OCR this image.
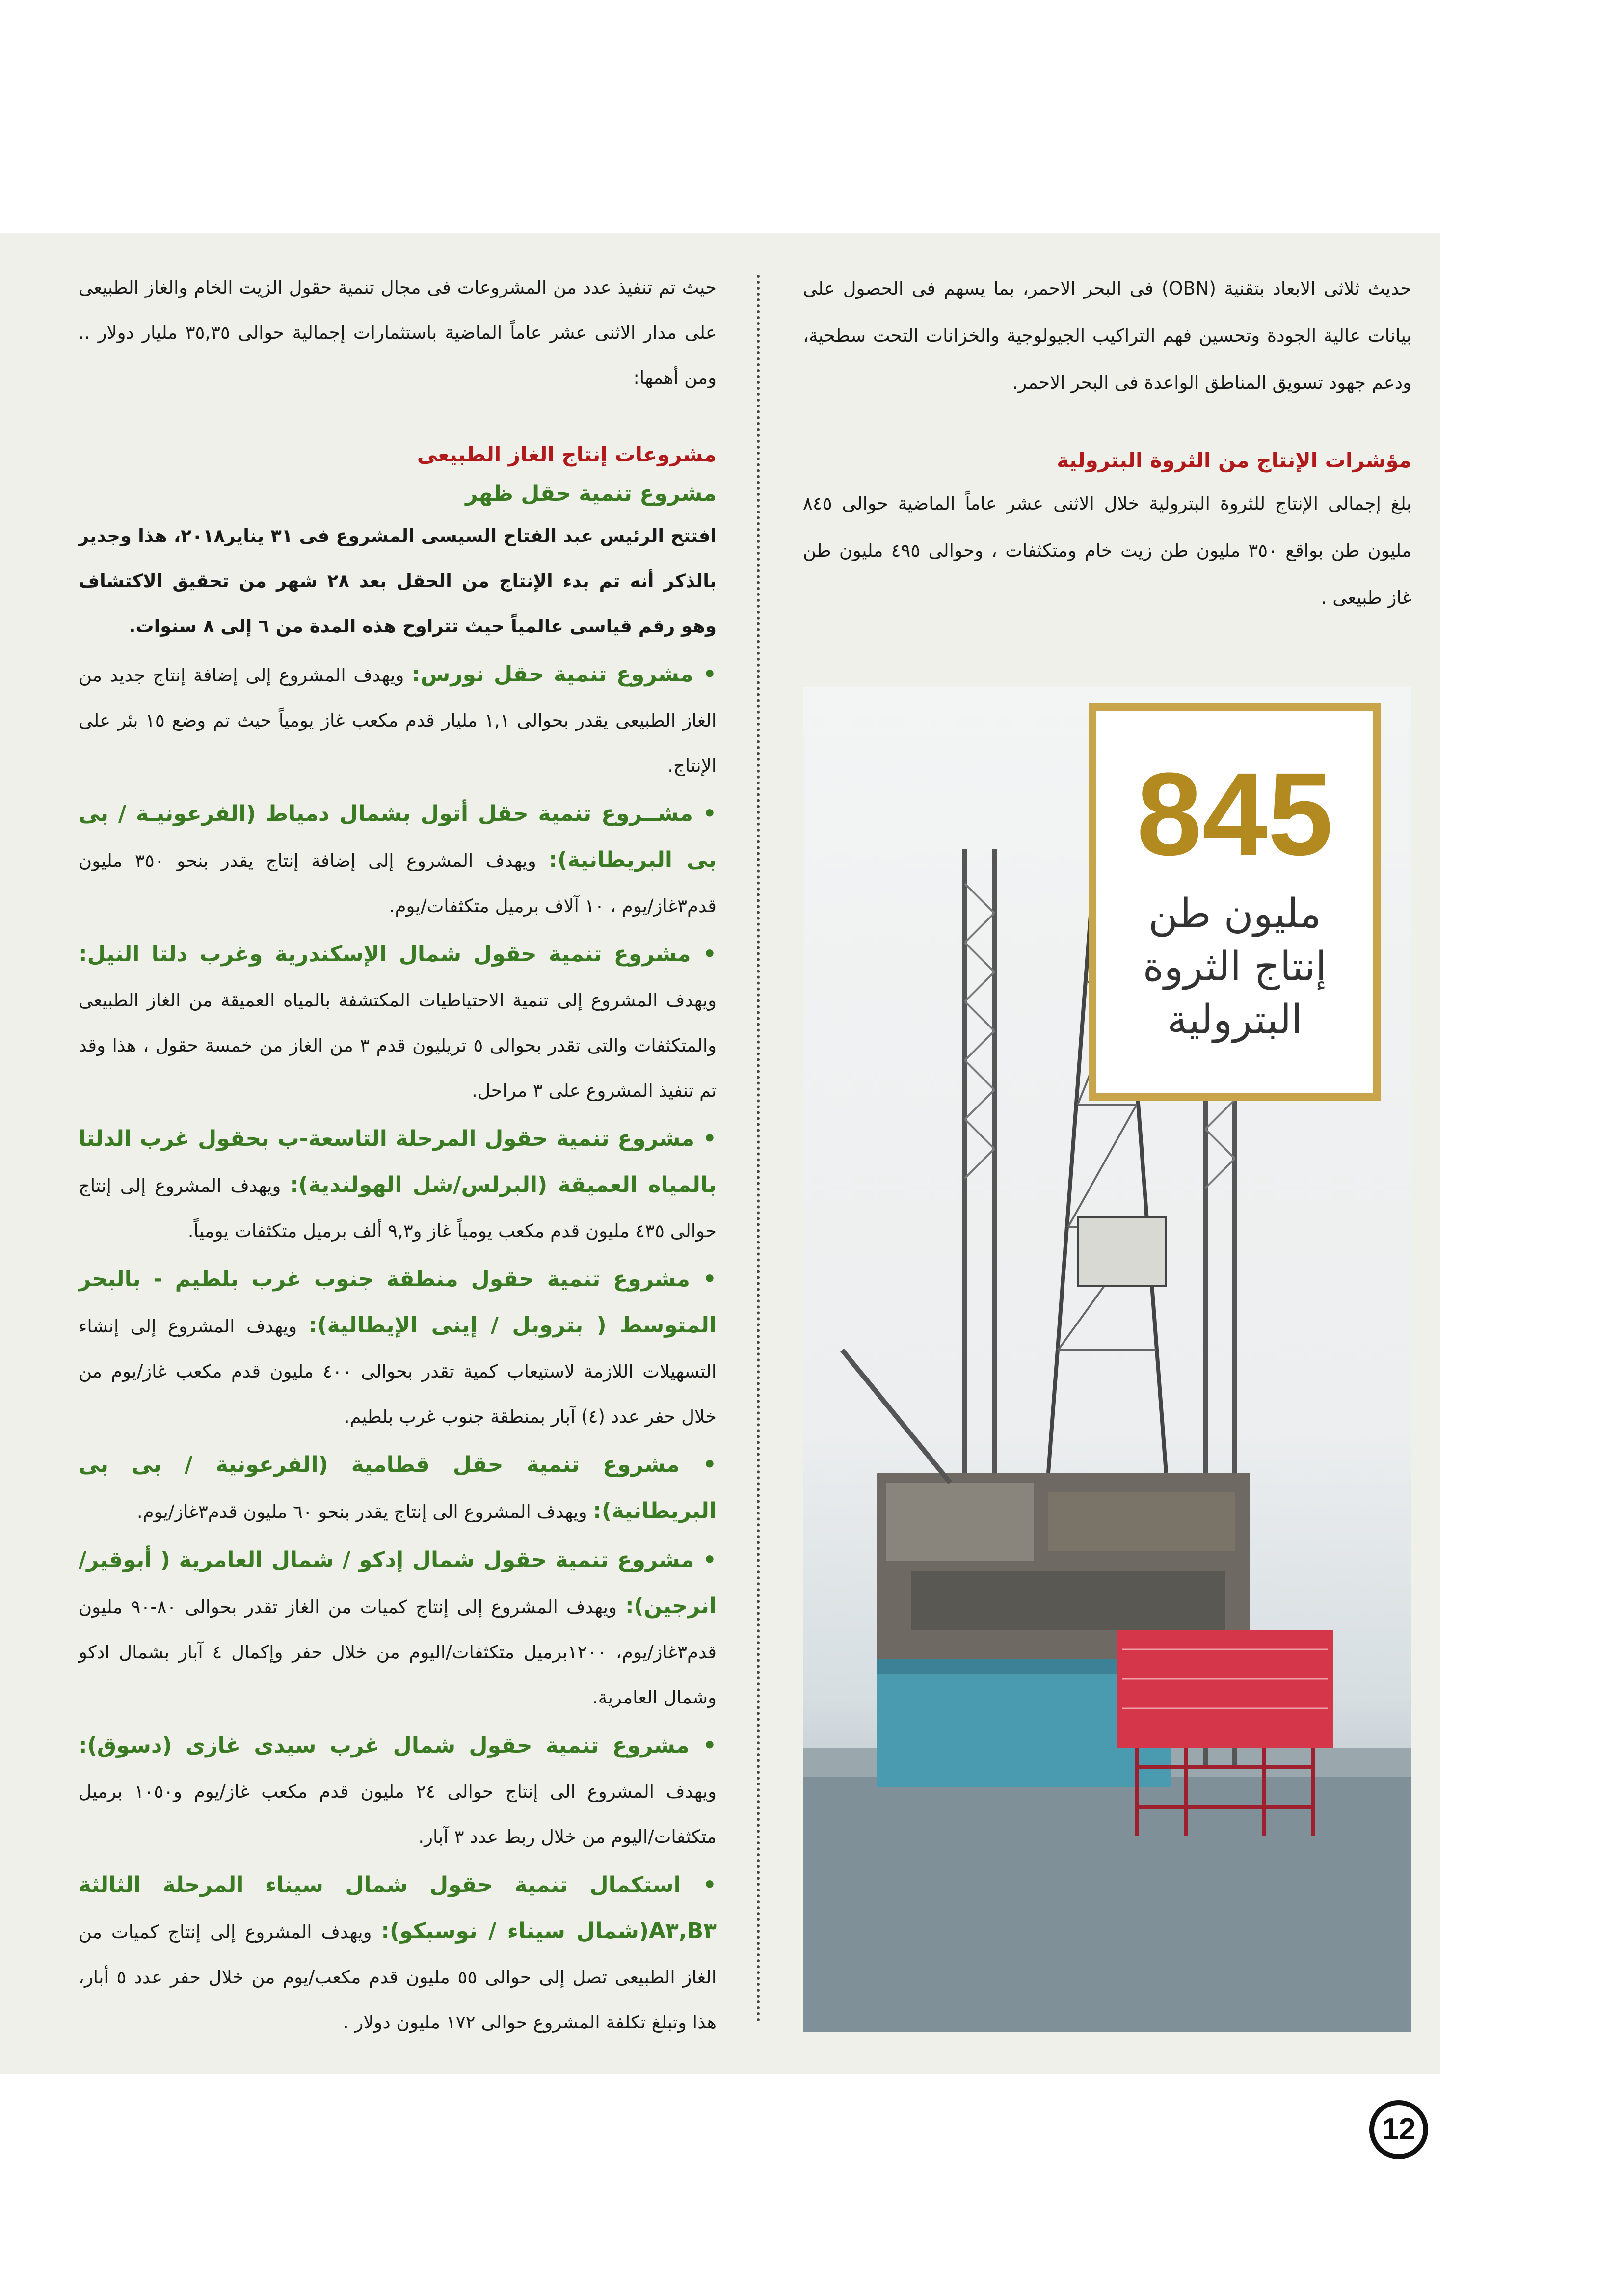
845
مليون طن
إنتاج الثروة
البترولية

حديث ثلاثى الابعاد بتقنية (OBN) فى البحر الاحمر، بما يسهم فى الحصول على بيانات عالية الجودة وتحسين فهم التراكيب الجيولوجية والخزانات التحت سطحية، ودعم جهود تسويق المناطق الواعدة فى البحر الاحمر.

مؤشرات الإنتاج من الثروة البترولية

بلغ إجمالى الإنتاج للثروة البترولية خلال الاثنى عشر عاماً الماضية حوالى ٨٤٥ مليون طن بواقع ٣٥٠ مليون طن زيت خام ومتكثفات ، وحوالى ٤٩٥ مليون طن غاز طبيعى .

حيث تم تنفيذ عدد من المشروعات فى مجال تنمية حقول الزيت الخام والغاز الطبيعى على مدار الاثنى عشر عاماً الماضية باستثمارات إجمالية حوالى ٣٥,٣٥ مليار دولار .. ومن أهمها:

مشروعات إنتاج الغاز الطبيعى
مشروع تنمية حقل ظهر

افتتح الرئيس عبد الفتاح السيسى المشروع فى ٣١ يناير٢٠١٨، هذا وجدير بالذكر أنه تم بدء الإنتاج من الحقل بعد ٢٨ شهر من تحقيق الاكتشاف وهو رقم قياسى عالمياً حيث تتراوح هذه المدة من ٦ إلى ٨ سنوات.

• مشروع تنمية حقل نورس: ويهدف المشروع إلى إضافة إنتاج جديد من الغاز الطبيعى يقدر بحوالى ١,١ مليار قدم مكعب غاز يومياً حيث تم وضع ١٥ بئر على الإنتاج.
• مشــروع تنمية حقل أتول بشمال دمياط (الفرعونيـة / بى بى البريطانية): ويهدف المشروع إلى إضافة إنتاج يقدر بنحو ٣٥٠ مليون قدم٣غاز/يوم ، ١٠ آلاف برميل متكثفات/يوم.
• مشروع تنمية حقول شمال الإسكندرية وغرب دلتا النيل: ويهدف المشروع إلى تنمية الاحتياطيات المكتشفة بالمياه العميقة من الغاز الطبيعى والمتكثفات والتى تقدر بحوالى ٥ تريليون قدم ٣ من الغاز من خمسة حقول ، هذا وقد تم تنفيذ المشروع على ٣ مراحل.
• مشروع تنمية حقول المرحلة التاسعة-ب بحقول غرب الدلتا بالمياه العميقة (البرلس/شل الهولندية): ويهدف المشروع إلى إنتاج حوالى ٤٣٥ مليون قدم مكعب يومياً غاز و٩,٣ ألف برميل متكثفات يومياً.
• مشروع تنمية حقول منطقة جنوب غرب بلطيم - بالبحر المتوسط ( بتروبل / إينى الإيطالية): ويهدف المشروع إلى إنشاء التسهيلات اللازمة لاستيعاب كمية تقدر بحوالى ٤٠٠ مليون قدم مكعب غاز/يوم من خلال حفر عدد (٤) آبار بمنطقة جنوب غرب بلطيم.
• مشروع تنمية حقل قطامية (الفرعونية / بى بى البريطانية): ويهدف المشروع الى إنتاج يقدر بنحو ٦٠ مليون قدم٣غاز/يوم.
• مشروع تنمية حقول شمال إدكو / شمال العامرية ( أبوقير/انرجين): ويهدف المشروع إلى إنتاج كميات من الغاز تقدر بحوالى ٨٠-٩٠ مليون قدم٣غاز/يوم، ١٢٠٠برميل متكثفات/اليوم من خلال حفر وإكمال ٤ آبار بشمال ادكو وشمال العامرية.
• مشروع تنمية حقول شمال غرب سيدى غازى (دسوق): ويهدف المشروع الى إنتاج حوالى ٢٤ مليون قدم مكعب غاز/يوم و١٠٥٠ برميل متكثفات/اليوم من خلال ربط عدد ٣ آبار.
• استكمال تنمية حقول شمال سيناء المرحلة الثالثة B٣,A٣(شمال سيناء / نوسبكو): ويهدف المشروع إلى إنتاج كميات من الغاز الطبيعى تصل إلى حوالى ٥٥ مليون قدم مكعب/يوم من خلال حفر عدد ٥ أبار، هذا وتبلغ تكلفة المشروع حوالى ١٧٢ مليون دولار .
12
